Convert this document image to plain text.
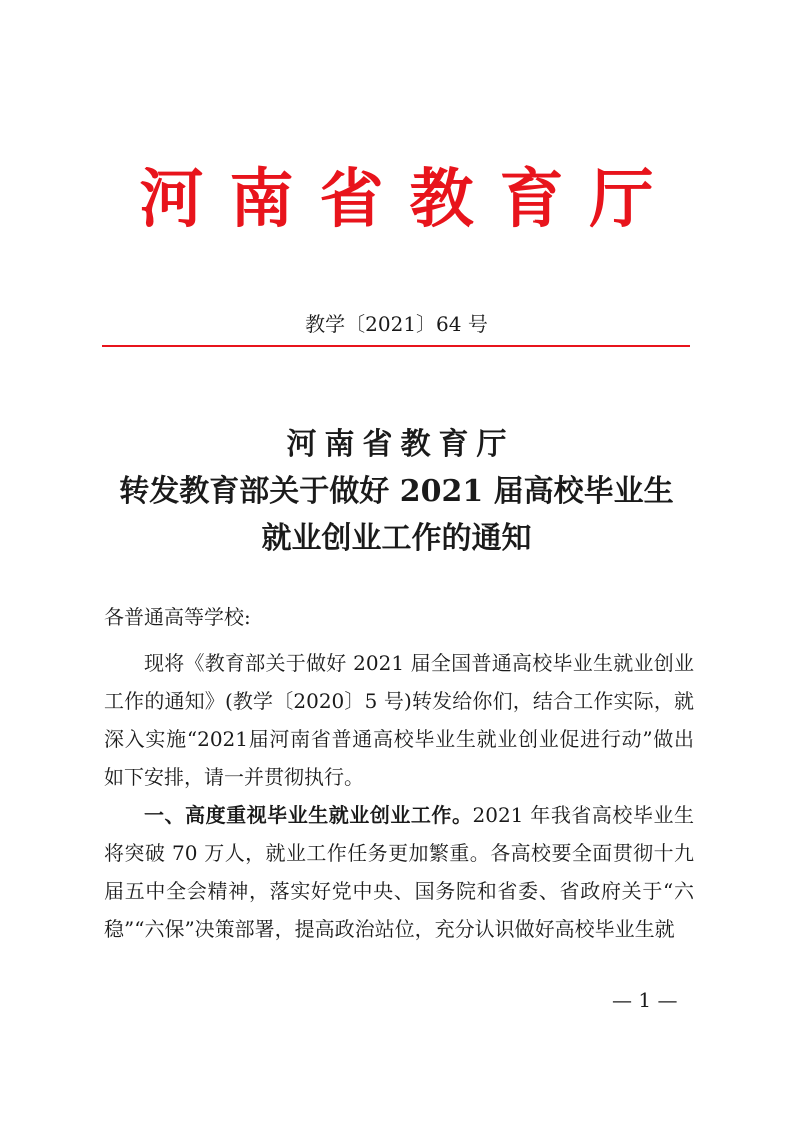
河南省教育厅
教学〔2021〕64 号
河南省教育厅
转发教育部关于做好 2021 届高校毕业生
就业创业工作的通知
各普通高等学校:

现将《教育部关于做好 2021 届全国普通高校毕业生就业创业工作的通知》(教学〔2020〕5 号)转发给你们，结合工作实际，就深入实施“2021届河南省普通高校毕业生就业创业促进行动”做出如下安排，请一并贯彻执行。

一、高度重视毕业生就业创业工作。2021 年我省高校毕业生将突破 70 万人，就业工作任务更加繁重。各高校要全面贯彻十九届五中全会精神，落实好党中央、国务院和省委、省政府关于“六稳”“六保”决策部署，提高政治站位，充分认识做好高校毕业生就

— 1 —
